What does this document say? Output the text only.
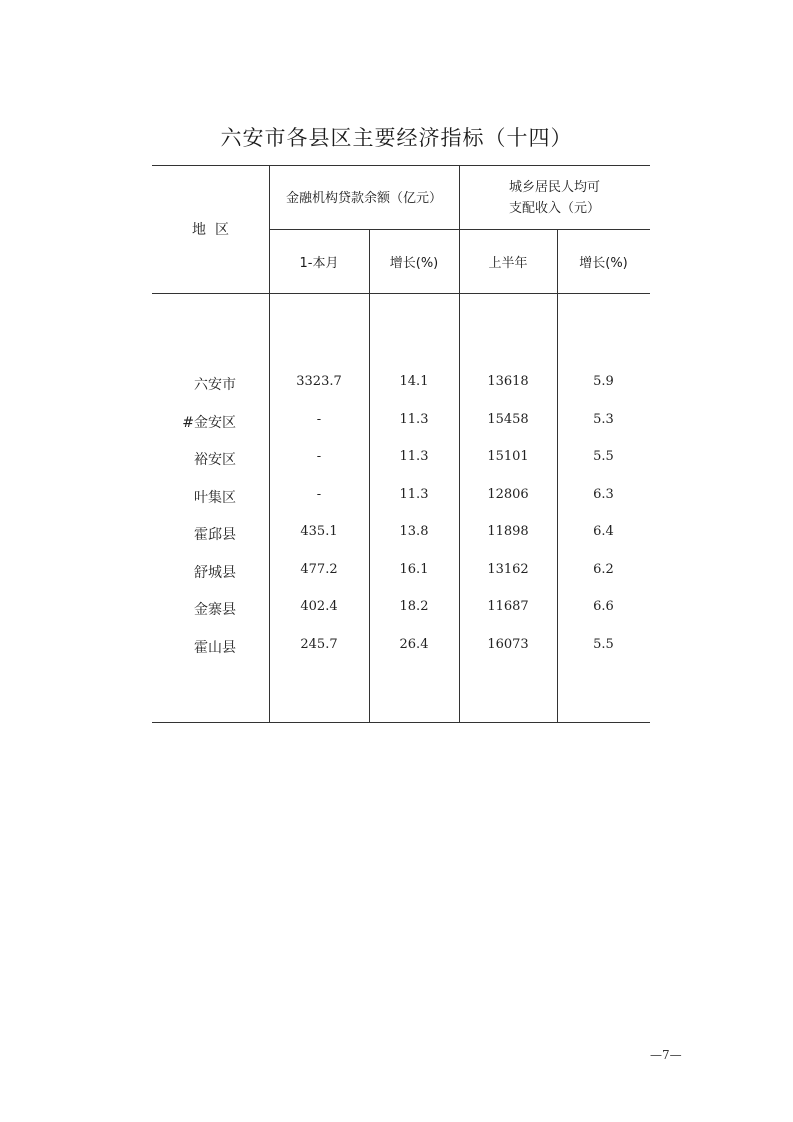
六安市各县区主要经济指标（十四）
地  区
金融机构贷款余额（亿元）
城乡居民人均可
支配收入（元）
1-本月	增长(%)	上半年	增长(%)
六安市	3323.7	14.1	13618	5.9
#金安区	-	11.3	15458	5.3
裕安区	-	11.3	15101	5.5
叶集区	-	11.3	12806	6.3
霍邱县	435.1	13.8	11898	6.4
舒城县	477.2	16.1	13162	6.2
金寨县	402.4	18.2	11687	6.6
霍山县	245.7	26.4	16073	5.5
—7—
